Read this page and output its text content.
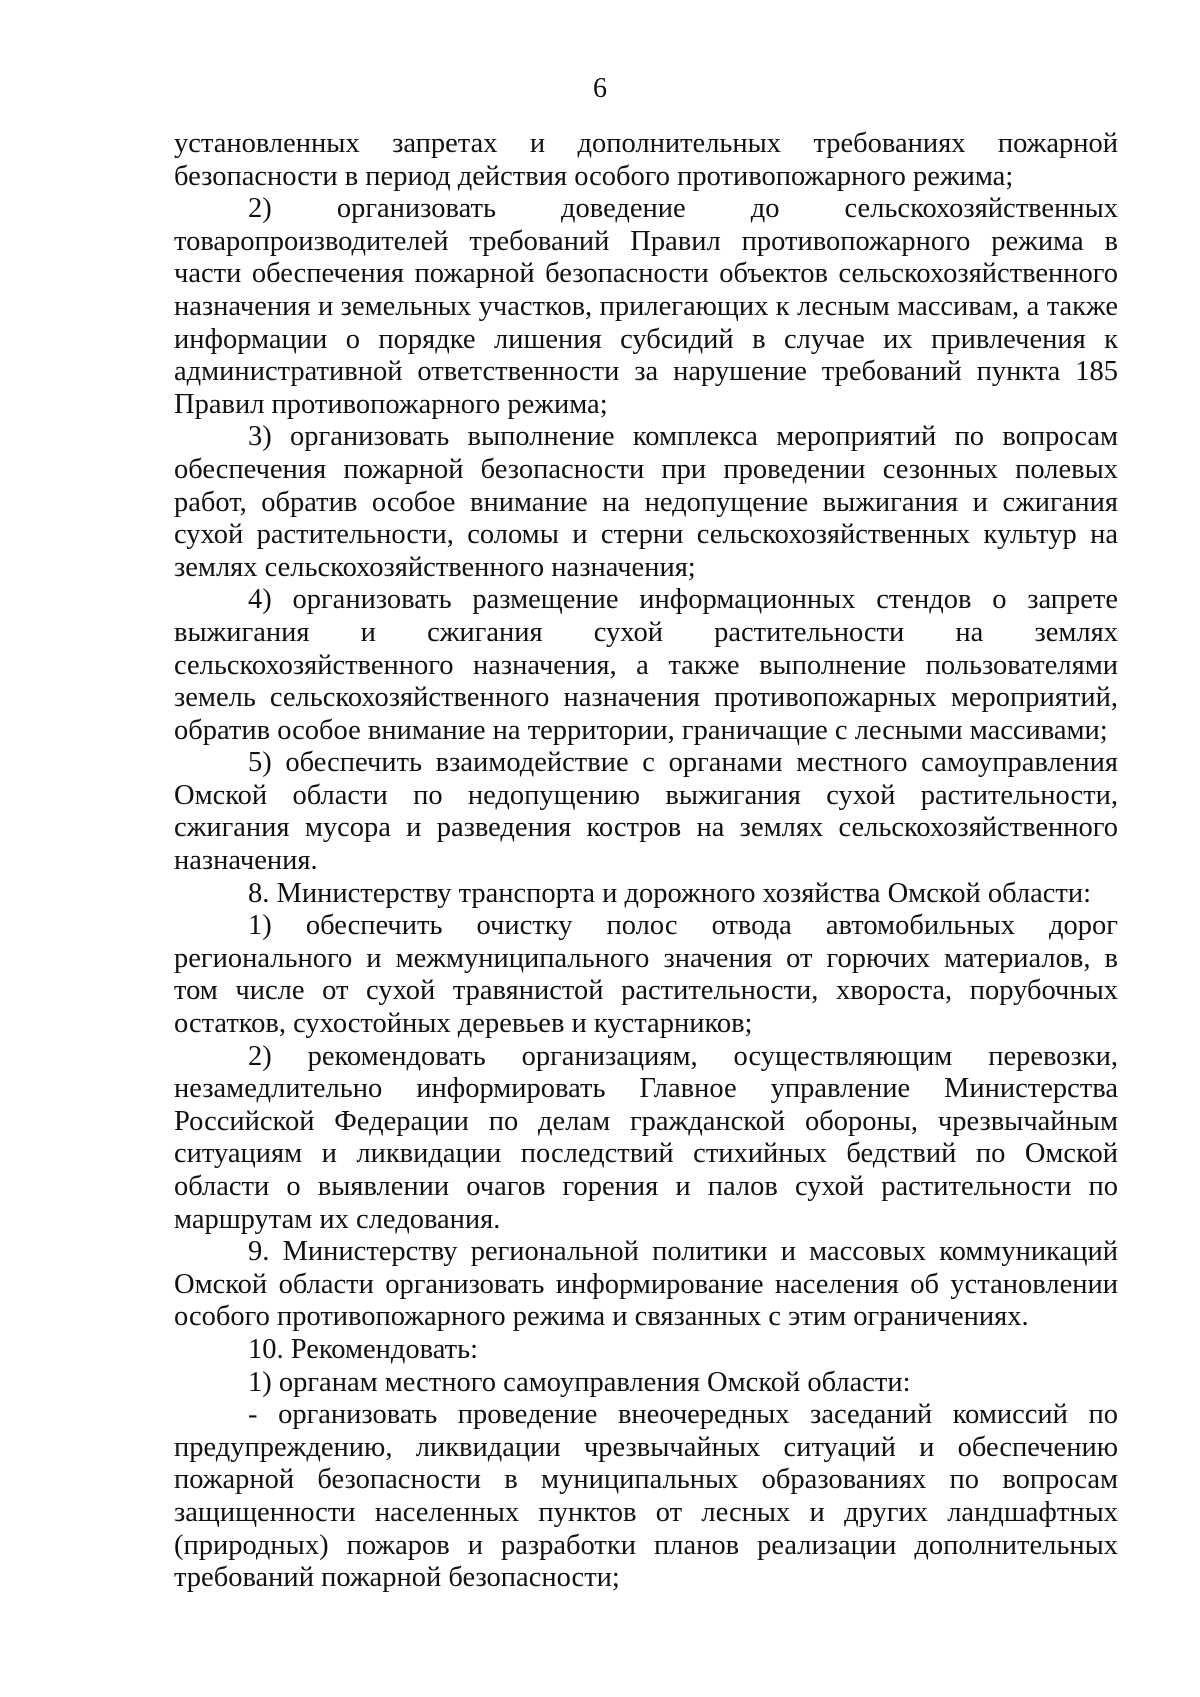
6

установленных запретах и дополнительных требованиях пожарной безопасности в период действия особого противопожарного режима;

2) организовать доведение до сельскохозяйственных товаропроизводителей требований Правил противопожарного режима в части обеспечения пожарной безопасности объектов сельскохозяйственного назначения и земельных участков, прилегающих к лесным массивам, а также информации о порядке лишения субсидий в случае их привлечения к административной ответственности за нарушение требований пункта 185 Правил противопожарного режима;

3) организовать выполнение комплекса мероприятий по вопросам обеспечения пожарной безопасности при проведении сезонных полевых работ, обратив особое внимание на недопущение выжигания и сжигания сухой растительности, соломы и стерни сельскохозяйственных культур на землях сельскохозяйственного назначения;

4) организовать размещение информационных стендов о запрете выжигания и сжигания сухой растительности на землях сельскохозяйственного назначения, а также выполнение пользователями земель сельскохозяйственного назначения противопожарных мероприятий, обратив особое внимание на территории, граничащие с лесными массивами;

5) обеспечить взаимодействие с органами местного самоуправления Омской области по недопущению выжигания сухой растительности, сжигания мусора и разведения костров на землях сельскохозяйственного назначения.

8. Министерству транспорта и дорожного хозяйства Омской области:

1) обеспечить очистку полос отвода автомобильных дорог регионального и межмуниципального значения от горючих материалов, в том числе от сухой травянистой растительности, хвороста, порубочных остатков, сухостойных деревьев и кустарников;

2) рекомендовать организациям, осуществляющим перевозки, незамедлительно информировать Главное управление Министерства Российской Федерации по делам гражданской обороны, чрезвычайным ситуациям и ликвидации последствий стихийных бедствий по Омской области о выявлении очагов горения и палов сухой растительности по маршрутам их следования.

9. Министерству региональной политики и массовых коммуникаций Омской области организовать информирование населения об установлении особого противопожарного режима и связанных с этим ограничениях.

10. Рекомендовать:

1) органам местного самоуправления Омской области:

- организовать проведение внеочередных заседаний комиссий по предупреждению, ликвидации чрезвычайных ситуаций и обеспечению пожарной безопасности в муниципальных образованиях по вопросам защищенности населенных пунктов от лесных и других ландшафтных (природных) пожаров и разработки планов реализации дополнительных требований пожарной безопасности;
